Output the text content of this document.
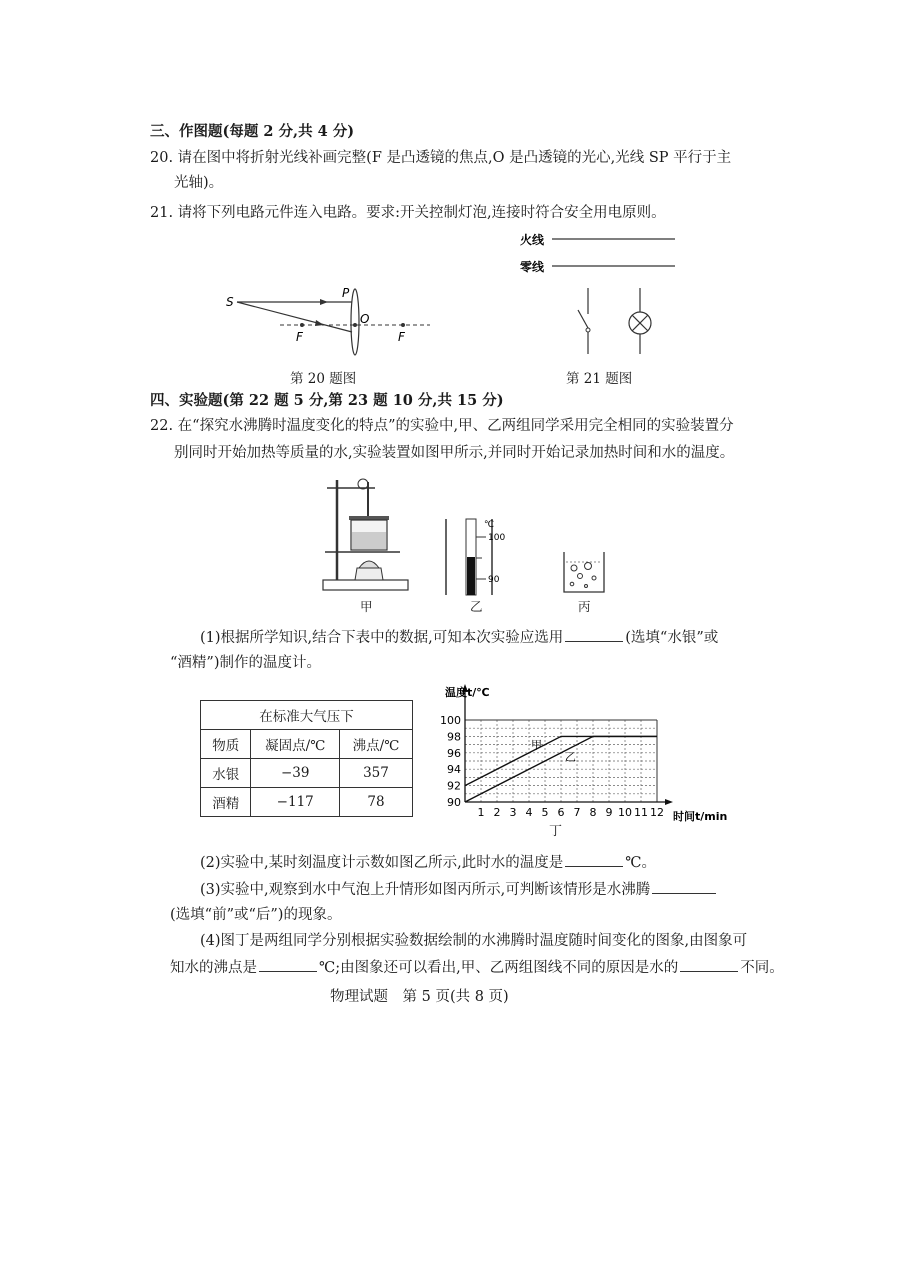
三、作图题(每题 2 分,共 4 分)
20. 请在图中将折射光线补画完整(F 是凸透镜的焦点,O 是凸透镜的光心,光线 SP 平行于主
光轴)。
21. 请将下列电路元件连入电路。要求:开关控制灯泡,连接时符合安全用电原则。
S
P
O
F	F
第 20 题图
火线
零线
第 21 题图
四、实验题(第 22 题 5 分,第 23 题 10 分,共 15 分)
22. 在“探究水沸腾时温度变化的特点”的实验中,甲、乙两组同学采用完全相同的实验装置分
别同时开始加热等质量的水,实验装置如图甲所示,并同时开始记录加热时间和水的温度。
甲
℃
100
90
乙	丙
(1)根据所学知识,结合下表中的数据,可知本次实验应选用	(选填“水银”或
“酒精”)制作的温度计。
在标准大气压下		
物质	凝固点/℃	沸点/℃
水银	−39	357
酒精	−117	78
甲
乙
1 2 3 4 5 6 7 8 9 10 11 12
90
92
94
96
98
100
温度t/℃
时间t/min
丁
(2)实验中,某时刻温度计示数如图乙所示,此时水的温度是	℃。
(3)实验中,观察到水中气泡上升情形如图丙所示,可判断该情形是水沸腾
(选填“前”或“后”)的现象。
(4)图丁是两组同学分别根据实验数据绘制的水沸腾时温度随时间变化的图象,由图象可
知水的沸点是	℃;由图象还可以看出,甲、乙两组图线不同的原因是水的	不同。
物理试题　第 5 页(共 8 页)
